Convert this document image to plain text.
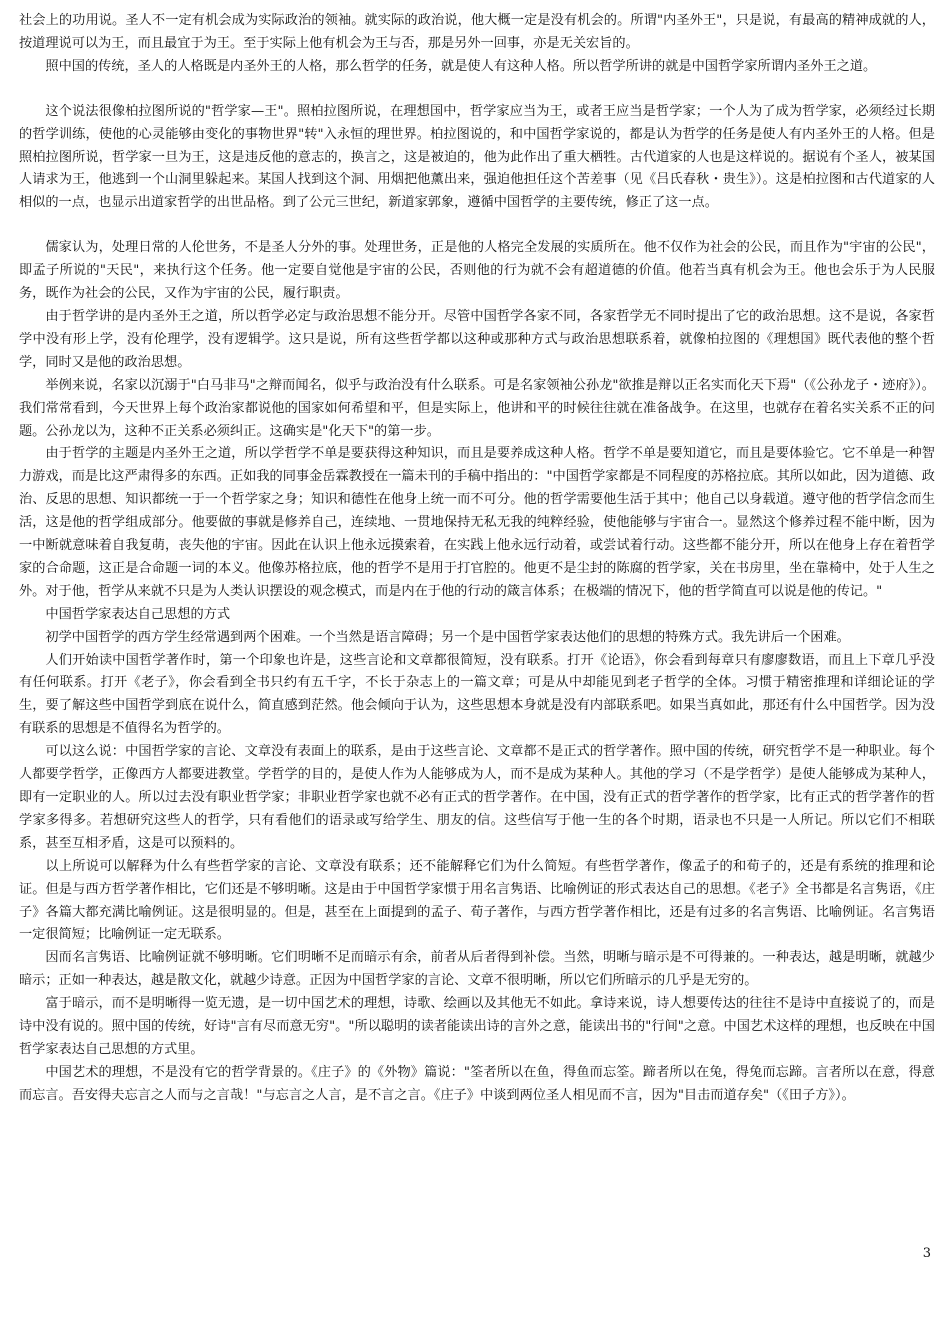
社会上的功用说。圣人不一定有机会成为实际政治的领袖。就实际的政治说，他大概一定是没有机会的。所谓"内圣外王"，只是说，有最高的精神成就的人，按道理说可以为王，而且最宜于为王。至于实际上他有机会为王与否，那是另外一回事，亦是无关宏旨的。

照中国的传统，圣人的人格既是内圣外王的人格，那么哲学的任务，就是使人有这种人格。所以哲学所讲的就是中国哲学家所谓内圣外王之道。

这个说法很像柏拉图所说的"哲学家—王"。照柏拉图所说，在理想国中，哲学家应当为王，或者王应当是哲学家；一个人为了成为哲学家，必须经过长期的哲学训练，使他的心灵能够由变化的事物世界"转"入永恒的理世界。柏拉图说的，和中国哲学家说的，都是认为哲学的任务是使人有内圣外王的人格。但是照柏拉图所说，哲学家一旦为王，这是违反他的意志的，换言之，这是被迫的，他为此作出了重大栖牲。古代道家的人也是这样说的。据说有个圣人，被某国人请求为王，他逃到一个山洞里躲起来。某国人找到这个洞、用烟把他薰出来，强迫他担任这个苦差事（见《吕氏春秋・贵生》）。这是柏拉图和古代道家的人相似的一点，也显示出道家哲学的出世品格。到了公元三世纪，新道家郭象，遵循中国哲学的主要传统，修正了这一点。

儒家认为，处理日常的人伦世务，不是圣人分外的事。处理世务，正是他的人格完全发展的实质所在。他不仅作为社会的公民，而且作为"宇宙的公民"，即孟子所说的"天民"，来执行这个任务。他一定要自觉他是宇宙的公民，否则他的行为就不会有超道德的价值。他若当真有机会为王。他也会乐于为人民服务，既作为社会的公民，又作为宇宙的公民，履行职责。

由于哲学讲的是内圣外王之道，所以哲学必定与政治思想不能分开。尽管中国哲学各家不同，各家哲学无不同时提出了它的政治思想。这不是说，各家哲学中没有形上学，没有伦理学，没有逻辑学。这只是说，所有这些哲学都以这种或那种方式与政治思想联系着，就像柏拉图的《理想国》既代表他的整个哲学，同时又是他的政治思想。

举例来说，名家以沉溺于"白马非马"之辩而闻名，似乎与政治没有什么联系。可是名家领袖公孙龙"欲推是辩以正名实而化天下焉"（《公孙龙子・迹府》）。我们常常看到，今天世界上每个政治家都说他的国家如何希望和平，但是实际上，他讲和平的时候往往就在准备战争。在这里，也就存在着名实关系不正的问题。公孙龙以为，这种不正关系必须纠正。这确实是"化天下"的第一步。

由于哲学的主题是内圣外王之道，所以学哲学不单是要获得这种知识，而且是要养成这种人格。哲学不单是要知道它，而且是要体验它。它不单是一种智力游戏，而是比这严肃得多的东西。正如我的同事金岳霖教授在一篇未刊的手稿中指出的："中国哲学家都是不同程度的苏格拉底。其所以如此，因为道德、政治、反思的思想、知识都统一于一个哲学家之身；知识和德性在他身上统一而不可分。他的哲学需要他生活于其中；他自己以身载道。遵守他的哲学信念而生活，这是他的哲学组成部分。他要做的事就是修养自己，连续地、一贯地保持无私无我的纯粹经验，使他能够与宇宙合一。显然这个修养过程不能中断，因为一中断就意味着自我复萌，丧失他的宇宙。因此在认识上他永远摸索着，在实践上他永远行动着，或尝试着行动。这些都不能分开，所以在他身上存在着哲学家的合命题，这正是合命题一词的本义。他像苏格拉底，他的哲学不是用于打官腔的。他更不是尘封的陈腐的哲学家，关在书房里，坐在靠椅中，处于人生之外。对于他，哲学从来就不只是为人类认识摆设的观念模式，而是内在于他的行动的箴言体系；在极端的情况下，他的哲学简直可以说是他的传记。"

中国哲学家表达自己思想的方式

初学中国哲学的西方学生经常遇到两个困难。一个当然是语言障碍；另一个是中国哲学家表达他们的思想的特殊方式。我先讲后一个困难。

人们开始读中国哲学著作时，第一个印象也许是，这些言论和文章都很简短，没有联系。打开《论语》，你会看到每章只有廖廖数语，而且上下章几乎没有任何联系。打开《老子》，你会看到全书只约有五千字，不长于杂志上的一篇文章；可是从中却能见到老子哲学的全体。习惯于精密推理和详细论证的学生，要了解这些中国哲学到底在说什么，简直感到茫然。他会倾向于认为，这些思想本身就是没有内部联系吧。如果当真如此，那还有什么中国哲学。因为没有联系的思想是不值得名为哲学的。

可以这么说：中国哲学家的言论、文章没有表面上的联系，是由于这些言论、文章都不是正式的哲学著作。照中国的传统，研究哲学不是一种职业。每个人都要学哲学，正像西方人都要进教堂。学哲学的目的，是使人作为人能够成为人，而不是成为某种人。其他的学习（不是学哲学）是使人能够成为某种人，即有一定职业的人。所以过去没有职业哲学家；非职业哲学家也就不必有正式的哲学著作。在中国，没有正式的哲学著作的哲学家，比有正式的哲学著作的哲学家多得多。若想研究这些人的哲学，只有看他们的语录或写给学生、朋友的信。这些信写于他一生的各个时期，语录也不只是一人所记。所以它们不相联系，甚至互相矛盾，这是可以预料的。

以上所说可以解释为什么有些哲学家的言论、文章没有联系；还不能解释它们为什么简短。有些哲学著作，像孟子的和荀子的，还是有系统的推理和论证。但是与西方哲学著作相比，它们还是不够明晰。这是由于中国哲学家惯于用名言隽语、比喻例证的形式表达自己的思想。《老子》全书都是名言隽语，《庄子》各篇大都充满比喻例证。这是很明显的。但是，甚至在上面提到的孟子、荀子著作，与西方哲学著作相比，还是有过多的名言隽语、比喻例证。名言隽语一定很简短；比喻例证一定无联系。

因而名言隽语、比喻例证就不够明晰。它们明晰不足而暗示有余，前者从后者得到补偿。当然，明晰与暗示是不可得兼的。一种表达，越是明晰，就越少暗示；正如一种表达，越是散文化，就越少诗意。正因为中国哲学家的言论、文章不很明晰，所以它们所暗示的几乎是无穷的。

富于暗示，而不是明晰得一览无遗，是一切中国艺术的理想，诗歌、绘画以及其他无不如此。拿诗来说，诗人想要传达的往往不是诗中直接说了的，而是诗中没有说的。照中国的传统，好诗"言有尽而意无穷"。"所以聪明的读者能读出诗的言外之意，能读出书的"行间"之意。中国艺术这样的理想，也反映在中国哲学家表达自己思想的方式里。

中国艺术的理想，不是没有它的哲学背景的。《庄子》的《外物》篇说："筌者所以在鱼，得鱼而忘筌。蹄者所以在兔，得兔而忘蹄。言者所以在意，得意而忘言。吾安得夫忘言之人而与之言哉！"与忘言之人言，是不言之言。《庄子》中谈到两位圣人相见而不言，因为"目击而道存矣"（《田子方》）。

3
